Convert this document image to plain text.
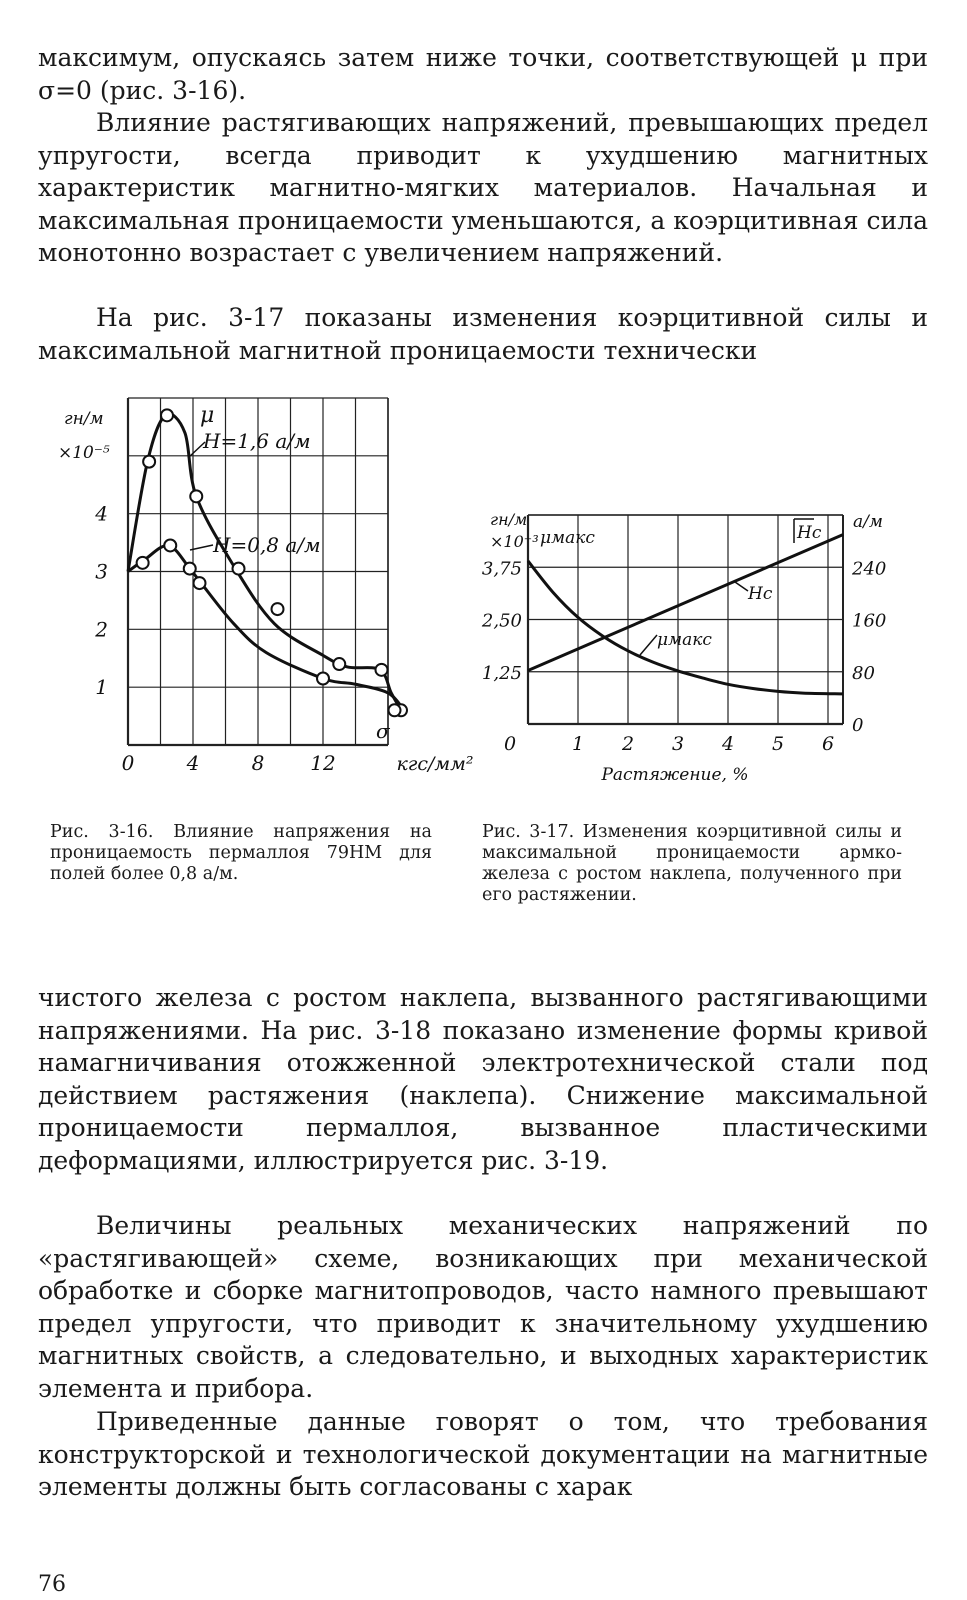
максимум, опускаясь затем ниже точки, соответствующей μ при σ=0 (рис. 3-16).

Влияние растягивающих напряжений, превышающих предел упругости, всегда приводит к ухудшению магнитных характеристик магнитно-мягких материалов. Начальная и максимальная проницаемости уменьшаются, а коэрцитивная сила монотонно возрастает с увеличением напряжений.

На рис. 3-17 показаны изменения коэрцитивной силы и максимальной магнитной проницаемости технически

1
2
3
4
гн/м
×10⁻⁵
0	4	8 12	кгс/мм²
μ
σ
H=1,6 а/м
H=0,8 а/м
1,25
2,50
3,75
гн/м
×10⁻³
0
80
160
240
а/м
0	1 2 3 4 5 6
Растяжение, %
μмакс
μмакс
Hc
Hc

Рис. 3-16. Влияние напряжения на проницаемость пермаллоя 79НМ для полей более 0,8 а/м.

Рис. 3-17. Изменения коэрцитивной силы и максимальной проницаемости армко-железа с ростом наклепа, полученного при его растяжении.

чистого железа с ростом наклепа, вызванного растягивающими напряжениями. На рис. 3-18 показано изменение формы кривой намагничивания отожженной электротехнической стали под действием растяжения (наклепа). Снижение максимальной проницаемости пермаллоя, вызванное пластическими деформациями, иллюстрируется рис. 3-19.

Величины реальных механических напряжений по «растягивающей» схеме, возникающих при механической обработке и сборке магнитопроводов, часто намного превышают предел упругости, что приводит к значительному ухудшению магнитных свойств, а следовательно, и выходных характеристик элемента и прибора.

Приведенные данные говорят о том, что требования конструкторской и технологической документации на магнитные элементы должны быть согласованы с харак

76
